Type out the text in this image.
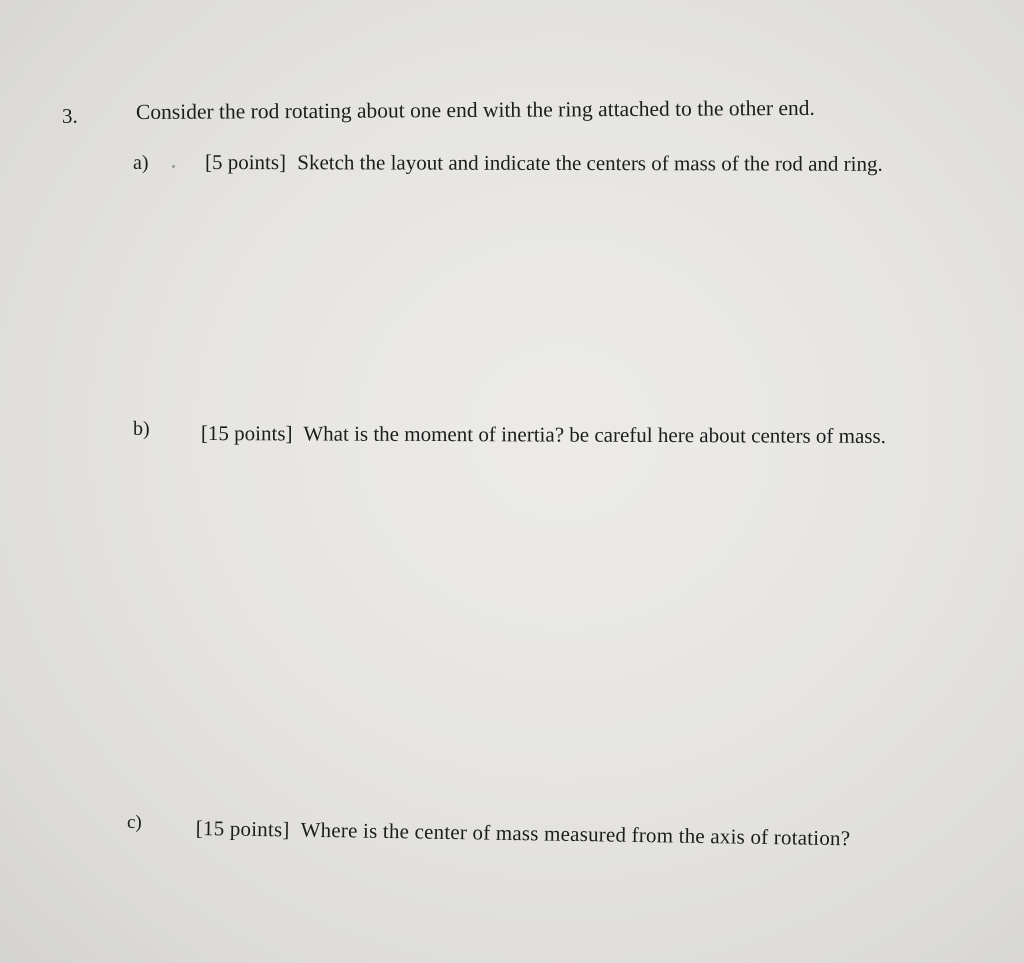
3.	Consider the rod rotating about one end with the ring attached to the other end.
a)	[5 points] Sketch the layout and indicate the centers of mass of the rod and ring.
b) [15 points] What is the moment of inertia? be careful here about centers of mass.
c)	[15 points] Where is the center of mass measured from the axis of rotation?
